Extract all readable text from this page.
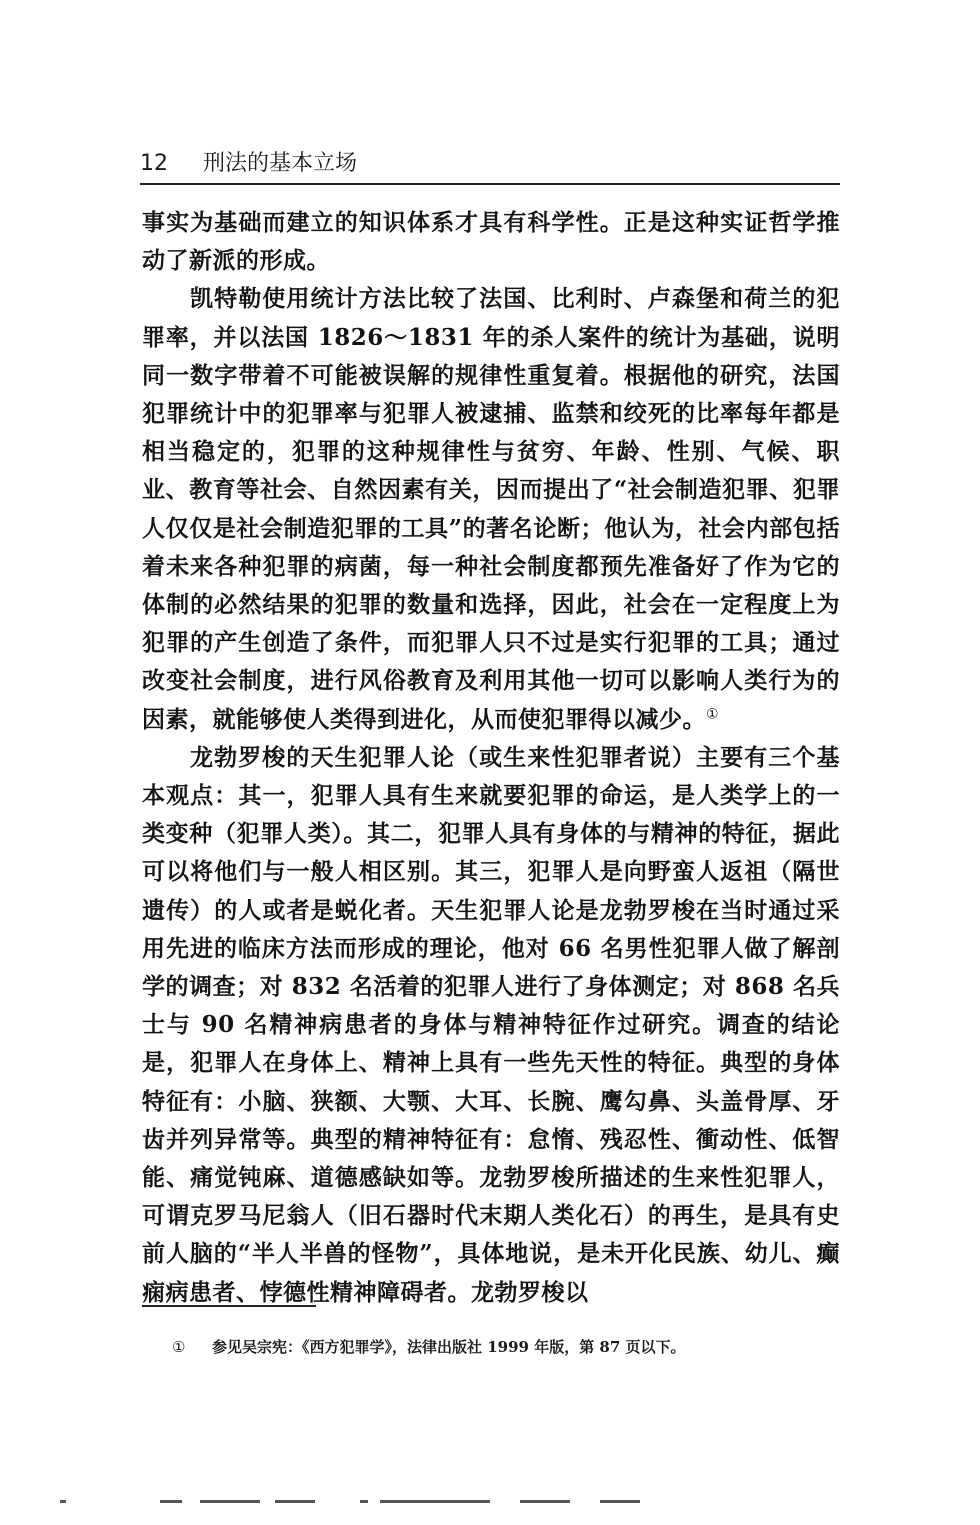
12 刑法的基本立场

事实为基础而建立的知识体系才具有科学性。正是这种实证哲学推动了新派的形成。

凯特勒使用统计方法比较了法国、比利时、卢森堡和荷兰的犯罪率，并以法国 1826～1831 年的杀人案件的统计为基础，说明同一数字带着不可能被误解的规律性重复着。根据他的研究，法国犯罪统计中的犯罪率与犯罪人被逮捕、监禁和绞死的比率每年都是相当稳定的，犯罪的这种规律性与贫穷、年龄、性别、气候、职业、教育等社会、自然因素有关，因而提出了“社会制造犯罪、犯罪人仅仅是社会制造犯罪的工具”的著名论断；他认为，社会内部包括着未来各种犯罪的病菌，每一种社会制度都预先准备好了作为它的体制的必然结果的犯罪的数量和选择，因此，社会在一定程度上为犯罪的产生创造了条件，而犯罪人只不过是实行犯罪的工具；通过改变社会制度，进行风俗教育及利用其他一切可以影响人类行为的因素，就能够使人类得到进化，从而使犯罪得以减少。①

龙勃罗梭的天生犯罪人论（或生来性犯罪者说）主要有三个基本观点：其一，犯罪人具有生来就要犯罪的命运，是人类学上的一类变种（犯罪人类）。其二，犯罪人具有身体的与精神的特征，据此可以将他们与一般人相区别。其三，犯罪人是向野蛮人返祖（隔世遗传）的人或者是蜕化者。天生犯罪人论是龙勃罗梭在当时通过采用先进的临床方法而形成的理论，他对 66 名男性犯罪人做了解剖学的调查；对 832 名活着的犯罪人进行了身体测定；对 868 名兵士与 90 名精神病患者的身体与精神特征作过研究。调查的结论是，犯罪人在身体上、精神上具有一些先天性的特征。典型的身体特征有：小脑、狭额、大颚、大耳、长腕、鹰勾鼻、头盖骨厚、牙齿并列异常等。典型的精神特征有：怠惰、残忍性、衝动性、低智能、痛觉钝麻、道德感缺如等。龙勃罗梭所描述的生来性犯罪人，可谓克罗马尼翁人（旧石器时代末期人类化石）的再生，是具有史前人脑的“半人半兽的怪物”，具体地说，是未开化民族、幼儿、癫痫病患者、悖德性精神障碍者。龙勃罗梭以

① 参见吴宗宪：《西方犯罪学》，法律出版社 1999 年版，第 87 页以下。
